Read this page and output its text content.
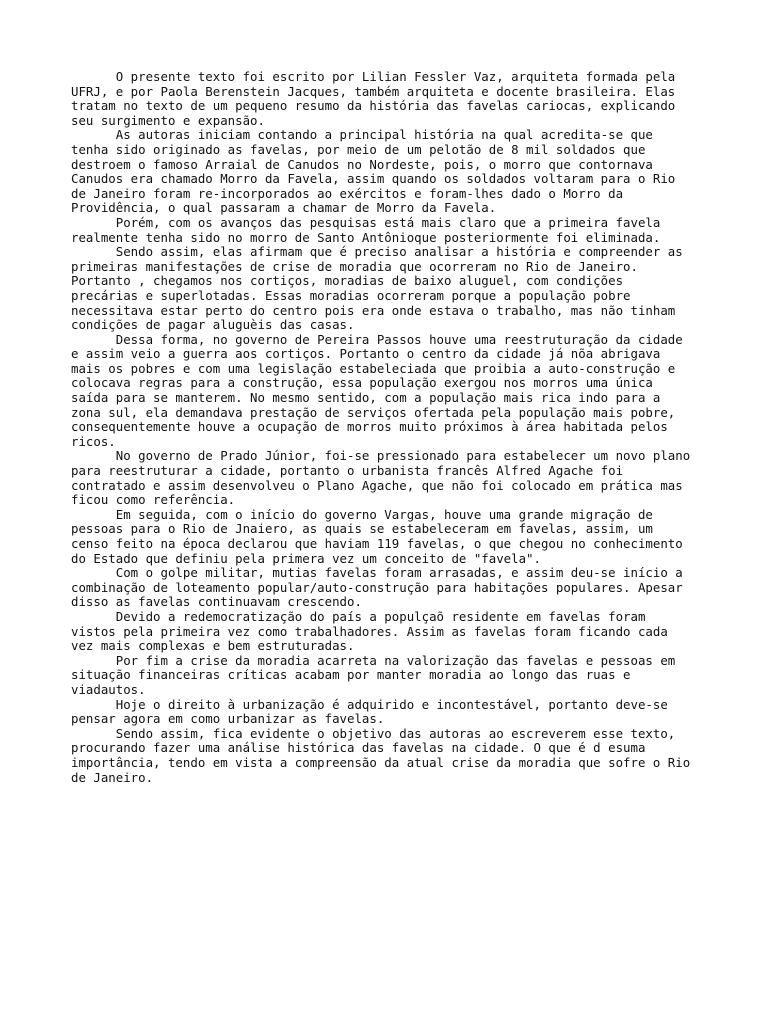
O presente texto foi escrito por Lilian Fessler Vaz, arquiteta formada pela
UFRJ, e por Paola Berenstein Jacques, também arquiteta e docente brasileira. Elas
tratam no texto de um pequeno resumo da história das favelas cariocas, explicando
seu surgimento e expansão.
As autoras iniciam contando a principal história na qual acredita-se que
tenha sido originado as favelas, por meio de um pelotão de 8 mil soldados que
destroem o famoso Arraial de Canudos no Nordeste, pois, o morro que contornava
Canudos era chamado Morro da Favela, assim quando os soldados voltaram para o Rio
de Janeiro foram re-incorporados ao exércitos e foram-lhes dado o Morro da
Providência, o qual passaram a chamar de Morro da Favela.
Porém, com os avanços das pesquisas está mais claro que a primeira favela
realmente tenha sido no morro de Santo Antônioque posteriormente foi eliminada.
Sendo assim, elas afirmam que é preciso analisar a história e compreender as
primeiras manifestações de crise de moradia que ocorreram no Rio de Janeiro.
Portanto , chegamos nos cortiços, moradias de baixo aluguel, com condições
precárias e superlotadas. Essas moradias ocorreram porque a população pobre
necessitava estar perto do centro pois era onde estava o trabalho, mas não tinham
condições de pagar aluguèis das casas.
Dessa forma, no governo de Pereira Passos houve uma reestruturação da cidade
e assim veio a guerra aos cortiços. Portanto o centro da cidade já nõa abrigava
mais os pobres e com uma legislação estabeleciada que proibia a auto-construção e
colocava regras para a construção, essa população exergou nos morros uma única
saída para se manterem. No mesmo sentido, com a população mais rica indo para a
zona sul, ela demandava prestação de serviços ofertada pela população mais pobre,
consequentemente houve a ocupação de morros muito próximos à área habitada pelos
ricos.
No governo de Prado Júnior, foi-se pressionado para estabelecer um novo plano
para reestruturar a cidade, portanto o urbanista francês Alfred Agache foi
contratado e assim desenvolveu o Plano Agache, que não foi colocado em prática mas
ficou como referência.
Em seguida, com o início do governo Vargas, houve uma grande migração de
pessoas para o Rio de Jnaiero, as quais se estabeleceram em favelas, assim, um
censo feito na época declarou que haviam 119 favelas, o que chegou no conhecimento
do Estado que definiu pela primera vez um conceito de "favela".
Com o golpe militar, mutias favelas foram arrasadas, e assim deu-se início a
combinação de loteamento popular/auto-construção para habitações populares. Apesar
disso as favelas continuavam crescendo.
Devido a redemocratização do país a populçaõ residente em favelas foram
vistos pela primeira vez como trabalhadores. Assim as favelas foram ficando cada
vez mais complexas e bem estruturadas.
Por fim a crise da moradia acarreta na valorização das favelas e pessoas em
situação financeiras críticas acabam por manter moradia ao longo das ruas e
viadautos.
Hoje o direito à urbanização é adquirido e incontestável, portanto deve-se
pensar agora em como urbanizar as favelas.
Sendo assim, fica evidente o objetivo das autoras ao escreverem esse texto,
procurando fazer uma análise histórica das favelas na cidade. O que é d esuma
importância, tendo em vista a compreensão da atual crise da moradia que sofre o Rio
de Janeiro.
